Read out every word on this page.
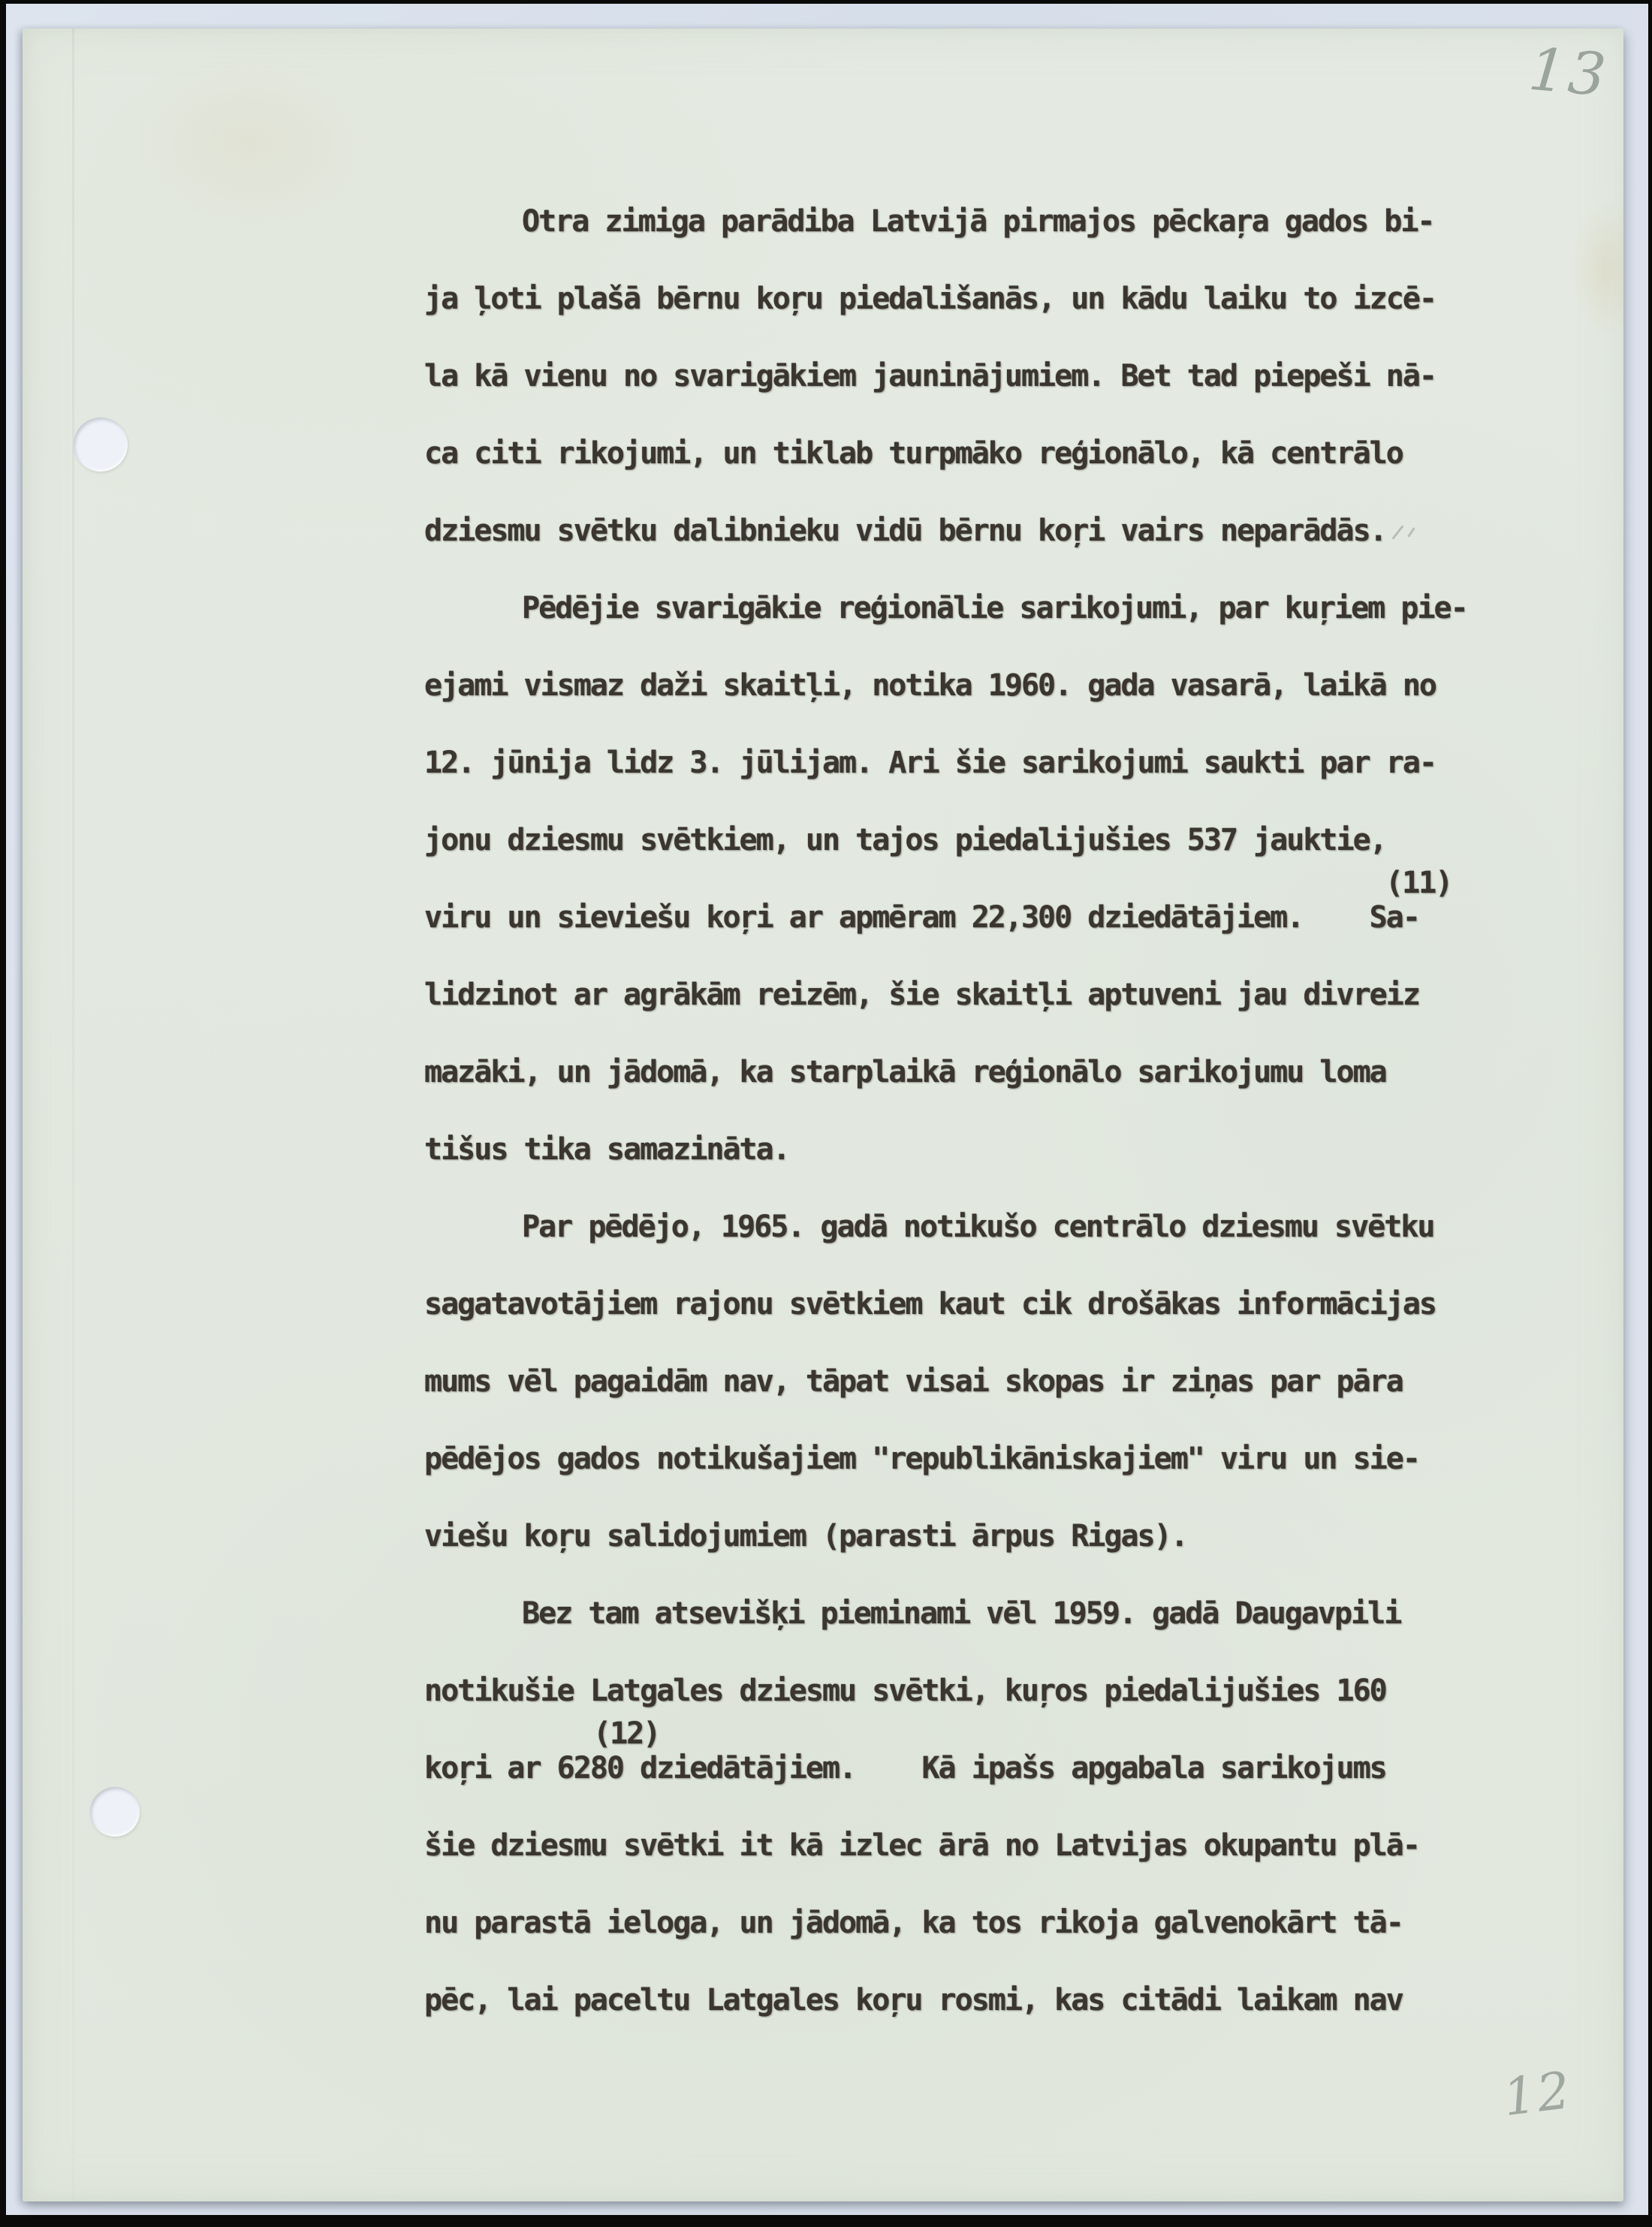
13
12
Otra zimiga parādiba Latvijā pirmajos pēckaŗa gados bi-
ja ļoti plašā bērnu koŗu piedališanās, un kādu laiku to izcē-
la kā vienu no svarigākiem jauninājumiem. Bet tad piepeši nā-
ca citi rikojumi, un tiklab turpmāko reģionālo, kā centrālo
dziesmu svētku dalibnieku vidū bērnu koŗi vairs neparādās.
Pēdējie svarigākie reģionālie sarikojumi, par kuŗiem pie-
ejami vismaz daži skaitļi, notika 1960. gada vasarā, laikā no
12. jūnija lidz 3. jūlijam. Ari šie sarikojumi saukti par ra-
jonu dziesmu svētkiem, un tajos piedalijušies 537 jauktie,
(11)
viru un sieviešu koŗi ar apmēram 22,300 dziedātājiem.    Sa-
lidzinot ar agrākām reizēm, šie skaitļi aptuveni jau divreiz
mazāki, un jādomā, ka starplaikā reģionālo sarikojumu loma
tišus tika samazināta.
Par pēdējo, 1965. gadā notikušo centrālo dziesmu svētku
sagatavotājiem rajonu svētkiem kaut cik drošākas informācijas
mums vēl pagaidām nav, tāpat visai skopas ir ziņas par pāra
pēdējos gados notikušajiem "republikāniskajiem" viru un sie-
viešu koŗu salidojumiem (parasti ārpus Rigas).
Bez tam atsevišķi pieminami vēl 1959. gadā Daugavpili
notikušie Latgales dziesmu svētki, kuŗos piedalijušies 160
(12)
koŗi ar 6280 dziedātājiem.    Kā ipašs apgabala sarikojums
šie dziesmu svētki it kā izlec ārā no Latvijas okupantu plā-
nu parastā ieloga, un jādomā, ka tos rikoja galvenokārt tā-
pēc, lai paceltu Latgales koŗu rosmi, kas citādi laikam nav
